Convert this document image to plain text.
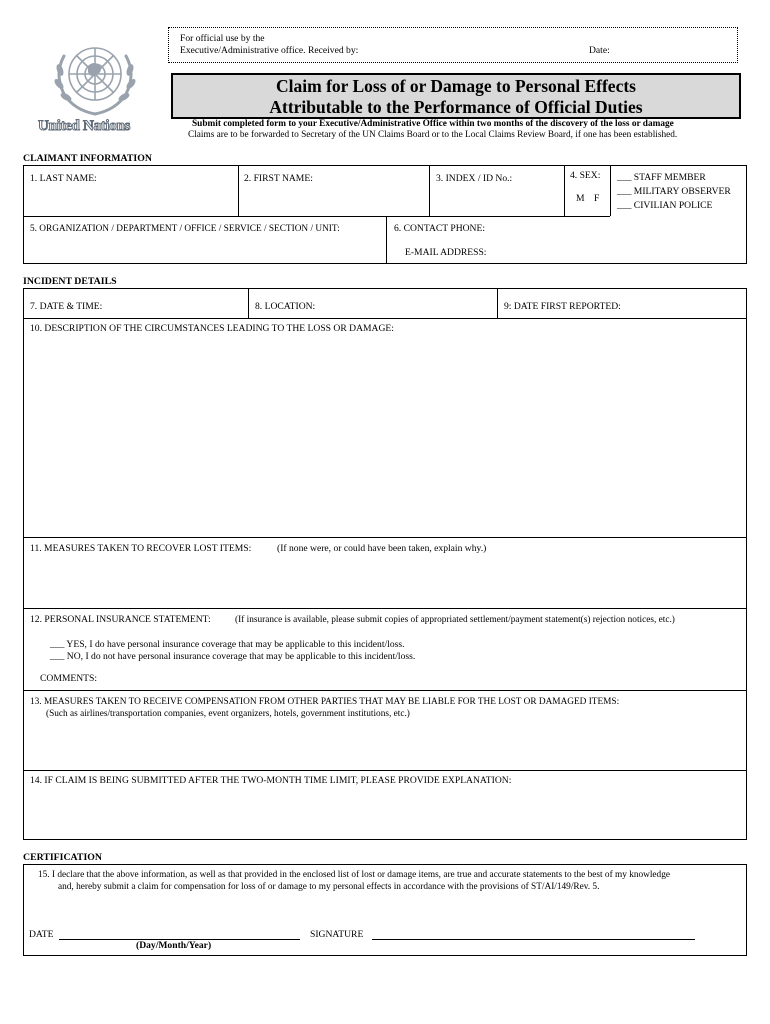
United Nations
For official use by the
Executive/Administrative office. Received by:	Date:
Claim for Loss of or Damage to Personal Effects
Attributable to the Performance of Official Duties
Submit completed form to your Executive/Administrative Office within two months of the discovery of the loss or damage
Claims are to be forwarded to Secretary of the UN Claims Board or to the Local Claims Review Board, if one has been established.
CLAIMANT INFORMATION
1. LAST NAME:	2. FIRST NAME:	3. INDEX / ID No.:	4. SEX:
M F
___ STAFF MEMBER
___ MILITARY OBSERVER
___ CIVILIAN POLICE
5. ORGANIZATION / DEPARTMENT / OFFICE / SERVICE / SECTION / UNIT:	6. CONTACT PHONE:
E-MAIL ADDRESS:
INCIDENT DETAILS
7. DATE & TIME:	8. LOCATION:	9: DATE FIRST REPORTED:
10. DESCRIPTION OF THE CIRCUMSTANCES LEADING TO THE LOSS OR DAMAGE:
11. MEASURES TAKEN TO RECOVER LOST ITEMS:	(If none were, or could have been taken, explain why.)
12. PERSONAL INSURANCE STATEMENT:	(If insurance is available, please submit copies of appropriated settlement/payment statement(s) rejection notices, etc.)
___ YES, I do have personal insurance coverage that may be applicable to this incident/loss.
___ NO, I do not have personal insurance coverage that may be applicable to this incident/loss.
COMMENTS:
13. MEASURES TAKEN TO RECEIVE COMPENSATION FROM OTHER PARTIES THAT MAY BE LIABLE FOR THE LOST OR DAMAGED ITEMS:
(Such as airlines/transportation companies, event organizers, hotels, government institutions, etc.)
14. IF CLAIM IS BEING SUBMITTED AFTER THE TWO-MONTH TIME LIMIT, PLEASE PROVIDE EXPLANATION:
CERTIFICATION
15. I declare that the above information, as well as that provided in the enclosed list of lost or damage items, are true and accurate statements to the best of my knowledge
and, hereby submit a claim for compensation for loss of or damage to my personal effects in accordance with the provisions of ST/AI/149/Rev. 5.
DATE
(Day/Month/Year)
SIGNATURE
